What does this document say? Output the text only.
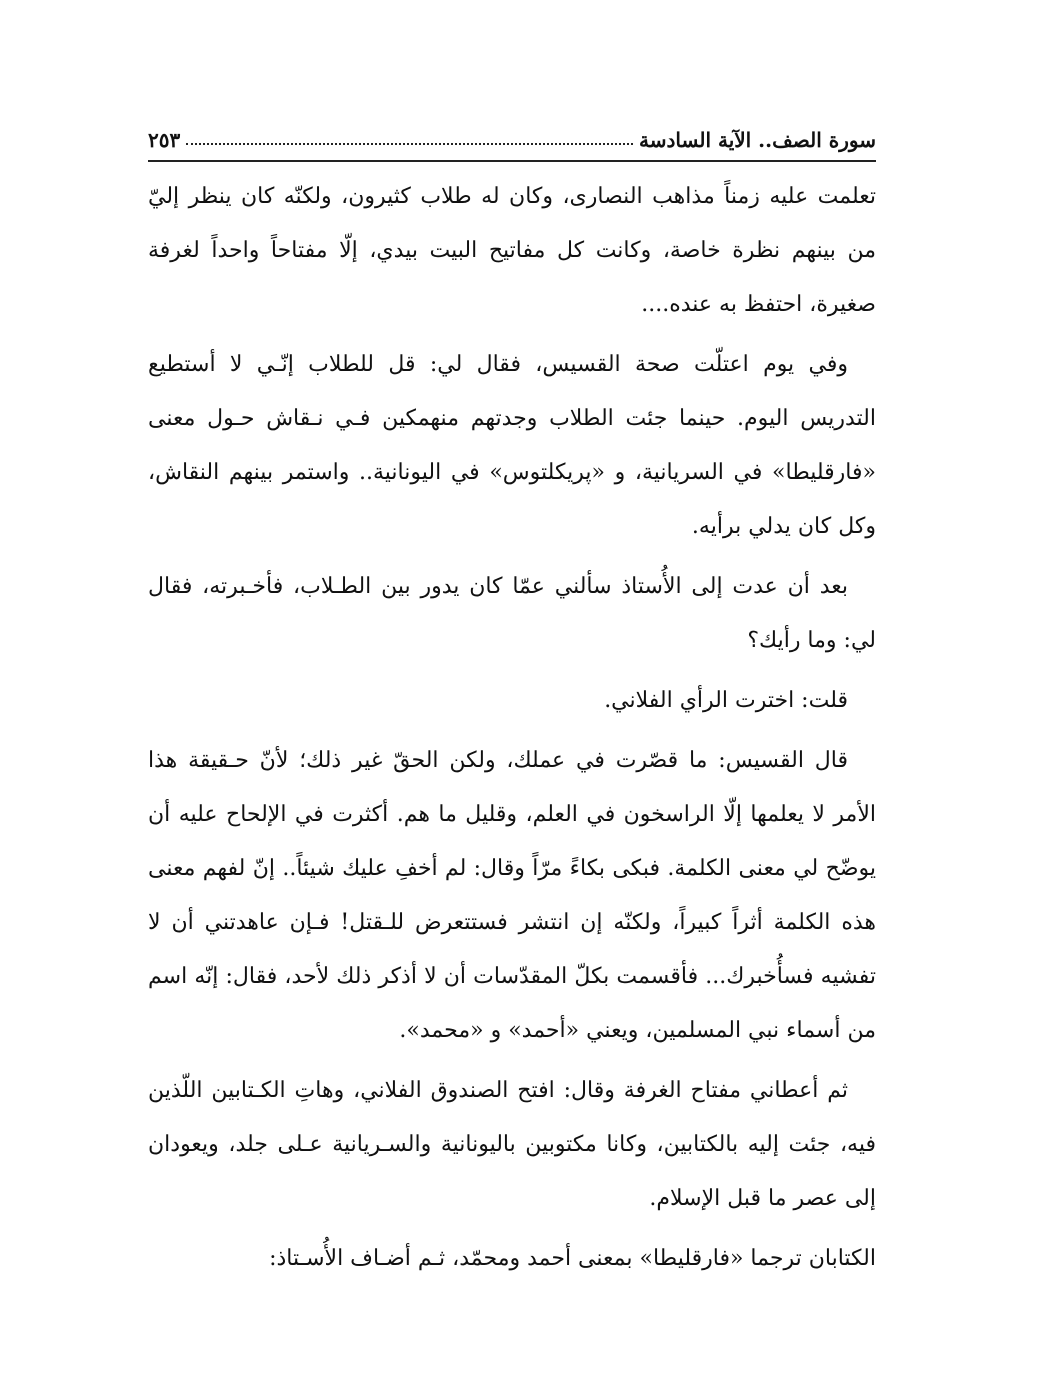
سورة الصف.. الآية السادسة
٢٥٣

تعلمت عليه زمناً مذاهب النصارى، وكان له طلاب كثيرون، ولكنّه كان ينظر إليّ من بينهم نظرة خاصة، وكانت كل مفاتيح البيت بيدي، إلّا مفتاحاً واحداً لغرفة صغيرة، احتفظ به عنده....

وفي يوم اعتلّت صحة القسيس، فقال لي: قل للطلاب إنّـي لا أستطيع التدريس اليوم. حينما جئت الطلاب وجدتهم منهمكين فـي نـقاش حـول معنى «فارقليطا» في السريانية، و «پريكلتوس» في اليونانية.. واستمر بينهم النقاش، وكل كان يدلي برأيه.

بعد أن عدت إلى الأُستاذ سألني عمّا كان يدور بين الطـلاب، فأخـبرته، فقال لي: وما رأيك؟

قلت: اخترت الرأي الفلاني.

قال القسيس: ما قصّرت في عملك، ولكن الحقّ غير ذلك؛ لأنّ حـقيقة هذا الأمر لا يعلمها إلّا الراسخون في العلم، وقليل ما هم. أكثرت في الإلحاح عليه أن يوضّح لي معنى الكلمة. فبكى بكاءً مرّاً وقال: لم أخفِ عليك شيئاً.. إنّ لفهم معنى هذه الكلمة أثراً كبيراً، ولكنّه إن انتشر فستتعرض للـقتل! فـإن عاهدتني أن لا تفشيه فسأُخبرك... فأقسمت بكلّ المقدّسات أن لا أذكر ذلك لأحد، فقال: إنّه اسم من أسماء نبي المسلمين، ويعني «أحمد» و «محمد».

ثم أعطاني مفتاح الغرفة وقال: افتح الصندوق الفلاني، وهاتِ الكـتابين اللّذين فيه، جئت إليه بالكتابين، وكانا مكتوبين باليونانية والسـريانية عـلى جلد، ويعودان إلى عصر ما قبل الإسلام.

الكتابان ترجما «فارقليطا» بمعنى أحمد ومحمّد، ثـم أضـاف الأُسـتاذ:
